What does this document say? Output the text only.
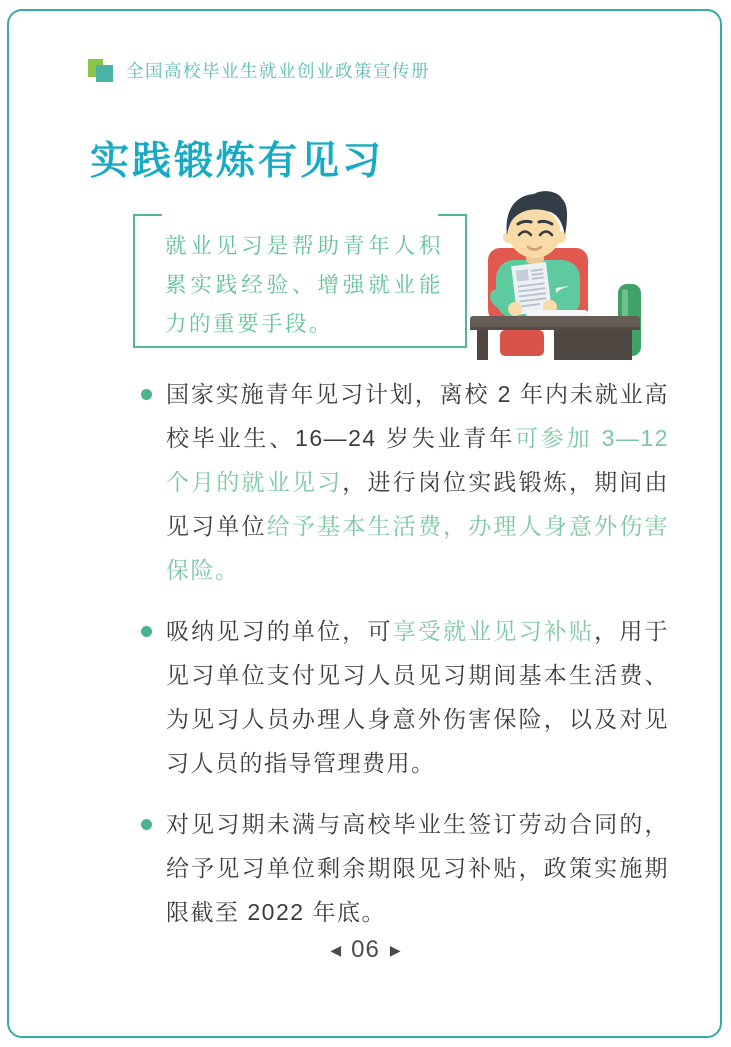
全国高校毕业生就业创业政策宣传册
实践锻炼有见习

就业见习是帮助青年人积累实践经验、增强就业能力的重要手段。

国家实施青年见习计划，离校 2 年内未就业高校毕业生、16—24 岁失业青年可参加 3—12 个月的就业见习，进行岗位实践锻炼，期间由见习单位给予基本生活费，办理人身意外伤害保险。

吸纳见习的单位，可享受就业见习补贴，用于见习单位支付见习人员见习期间基本生活费、为见习人员办理人身意外伤害保险，以及对见习人员的指导管理费用。

对见习期未满与高校毕业生签订劳动合同的，给予见习单位剩余期限见习补贴，政策实施期限截至 2022 年底。

◀ 06 ▶
